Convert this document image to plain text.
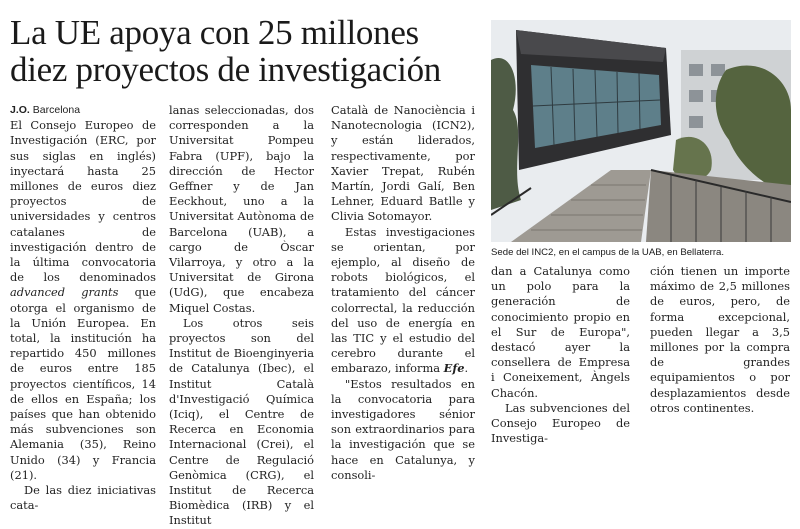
La UE apoya con 25 millones
diez proyectos de investigación

J.O. Barcelona

El Consejo Europeo de Investigación (ERC, por sus siglas en inglés) inyectará hasta 25 millones de euros diez proyectos de universidades y centros catalanes de investigación dentro de la última convocatoria de los denominados advanced grants que otorga el organismo de la Unión Europea. En total, la institución ha repartido 450 millones de euros entre 185 proyectos científicos, 14 de ellos en España; los países que han obtenido más subvenciones son Alemania (35), Reino Unido (34) y Francia (21).

De las diez iniciativas cata-

lanas seleccionadas, dos corresponden a la Universitat Pompeu Fabra (UPF), bajo la dirección de Hector Geffner y de Jan Eeckhout, uno a la Universitat Autònoma de Barcelona (UAB), a cargo de Òscar Vilarroya, y otro a la Universitat de Girona (UdG), que encabeza Miquel Costas.

Los otros seis proyectos son del Institut de Bioenginyeria de Catalunya (Ibec), el Institut Català d'Investigació Química (Iciq), el Centre de Recerca en Economia Internacional (Crei), el Centre de Regulació Genòmica (CRG), el Institut de Recerca Biomèdica (IRB) y el Institut

Català de Nanociència i Nanotecnologia (ICN2), y están liderados, respectivamente, por Xavier Trepat, Rubén Martín, Jordi Galí, Ben Lehner, Eduard Batlle y Clivia Sotomayor.

Estas investigaciones se orientan, por ejemplo, al diseño de robots biológicos, el tratamiento del cáncer colorrectal, la reducción del uso de energía en las TIC y el estudio del cerebro durante el embarazo, informa Efe.

"Estos resultados en la convocatoria para investigadores sénior son extraordinarios para la investigación que se hace en Catalunya, y consoli-

Sede del INC2, en el campus de la UAB, en Bellaterra.

dan a Catalunya como un polo para la generación de conocimiento propio en el Sur de Europa", destacó ayer la consellera de Empresa i Coneixement, Àngels Chacón.

Las subvenciones del Consejo Europeo de Investiga-

ción tienen un importe máximo de 2,5 millones de euros, pero, de forma excepcional, pueden llegar a 3,5 millones por la compra de grandes equipamientos o por desplazamientos desde otros continentes.
